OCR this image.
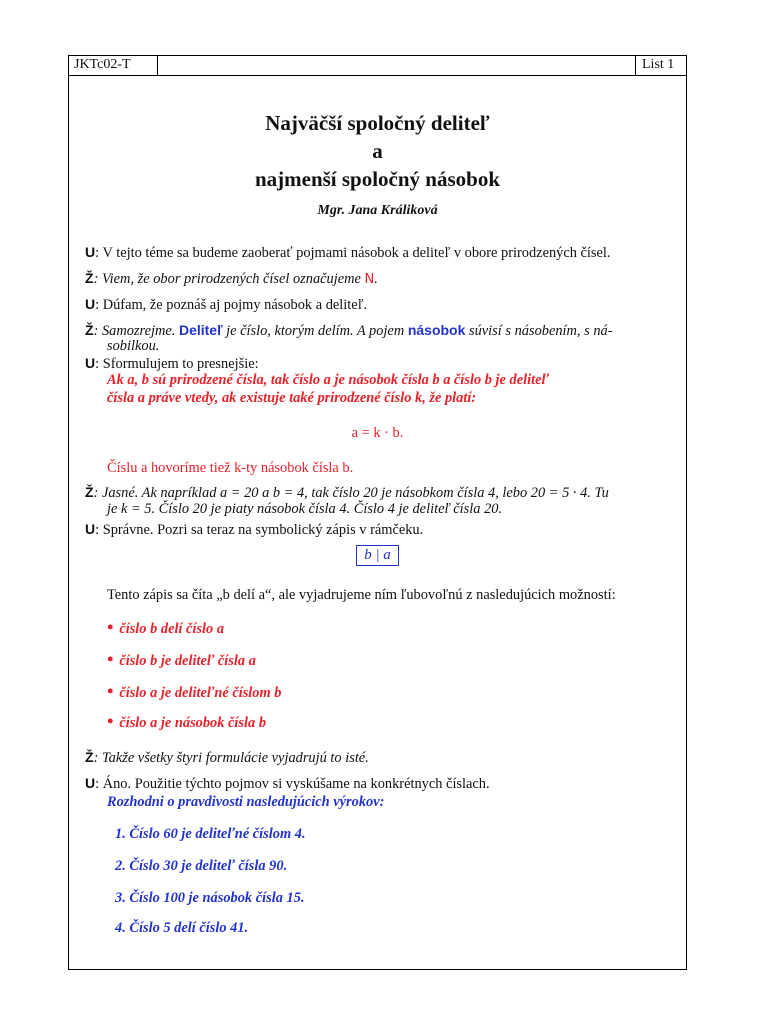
JKTc02-T	List 1
Najväčší spoločný deliteľ
a
najmenší spoločný násobok
Mgr. Jana Králiková
U: V tejto téme sa budeme zaoberať pojmami násobok a deliteľ v obore prirodzených čísel.
Ž: Viem, že obor prirodzených čísel označujeme N.
U: Dúfam, že poznáš aj pojmy násobok a deliteľ.
Ž: Samozrejme. Deliteľ je číslo, ktorým delím. A pojem násobok súvisí s násobením, s ná-
sobilkou.
U: Sformulujem to presnejšie:
Ak a, b sú prirodzené čísla, tak číslo a je násobok čísla b a číslo b je deliteľ
čísla a práve vtedy, ak existuje také prirodzené číslo k, že platí:
a = k · b.
Číslu a hovoríme tiež k-ty násobok čísla b.
Ž: Jasné. Ak napríklad a = 20 a b = 4, tak číslo 20 je násobkom čísla 4, lebo 20 = 5 · 4. Tu
je k = 5. Číslo 20 je piaty násobok čísla 4. Číslo 4 je deliteľ čísla 20.
U: Správne. Pozri sa teraz na symbolický zápis v rámčeku.
b | a
Tento zápis sa číta „b delí a“, ale vyjadrujeme ním ľubovoľnú z nasledujúcich možností:
• číslo b delí číslo a
• číslo b je deliteľ čísla a
• číslo a je deliteľné číslom b
• číslo a je násobok čísla b
Ž: Takže všetky štyri formulácie vyjadrujú to isté.
U: Áno. Použitie týchto pojmov si vyskúšame na konkrétnych číslach.
Rozhodni o pravdivosti nasledujúcich výrokov:
1. Číslo 60 je deliteľné číslom 4.
2. Číslo 30 je deliteľ čísla 90.
3. Číslo 100 je násobok čísla 15.
4. Číslo 5 delí číslo 41.
